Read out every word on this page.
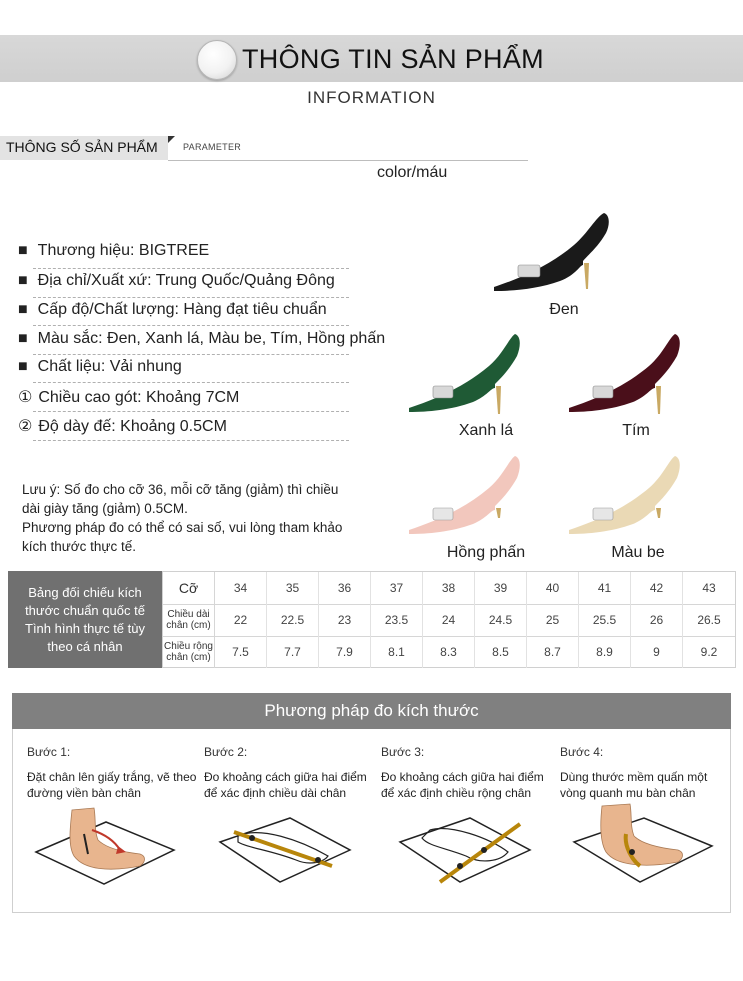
THÔNG TIN SẢN PHẨM
INFORMATION
THÔNG SỐ SẢN PHẨM	PARAMETER
■ Thương hiệu: BIGTREE
■ Địa chỉ/Xuất xứ: Trung Quốc/Quảng Đông
■ Cấp độ/Chất lượng: Hàng đạt tiêu chuẩn
■ Màu sắc: Đen, Xanh lá, Màu be, Tím, Hồng phấn
■ Chất liệu: Vải nhung
① Chiều cao gót: Khoảng 7CM
② Độ dày đế: Khoảng 0.5CM
Lưu ý: Số đo cho cỡ 36, mỗi cỡ tăng (giảm) thì chiều dài giày tăng (giảm) 0.5CM.
Phương pháp đo có thể có sai số, vui lòng tham khảo kích thước thực tế.
color/máu
Đen
Xanh lá	Tím
Hồng phấn	Màu be
Bảng đối chiếu kích thước chuẩn quốc tế Tình hình thực tế tùy theo cá nhân
Cỡ	34	35	36	37	38	39	40	41	42	43
Chiều dài chân (cm)	22	22.5	23	23.5	24	24.5	25	25.5	26	26.5
Chiều rộng chân (cm)	7.5	7.7	7.9	8.1	8.3	8.5	8.7	8.9	9	9.2
Phương pháp đo kích thước
Bước 1:
Đặt chân lên giấy trắng, vẽ theo đường viền bàn chân
Bước 2:
Đo khoảng cách giữa hai điểm để xác định chiều dài chân
Bước 3:
Đo khoảng cách giữa hai điểm để xác định chiều rộng chân
Bước 4:
Dùng thước mềm quấn một vòng quanh mu bàn chân
